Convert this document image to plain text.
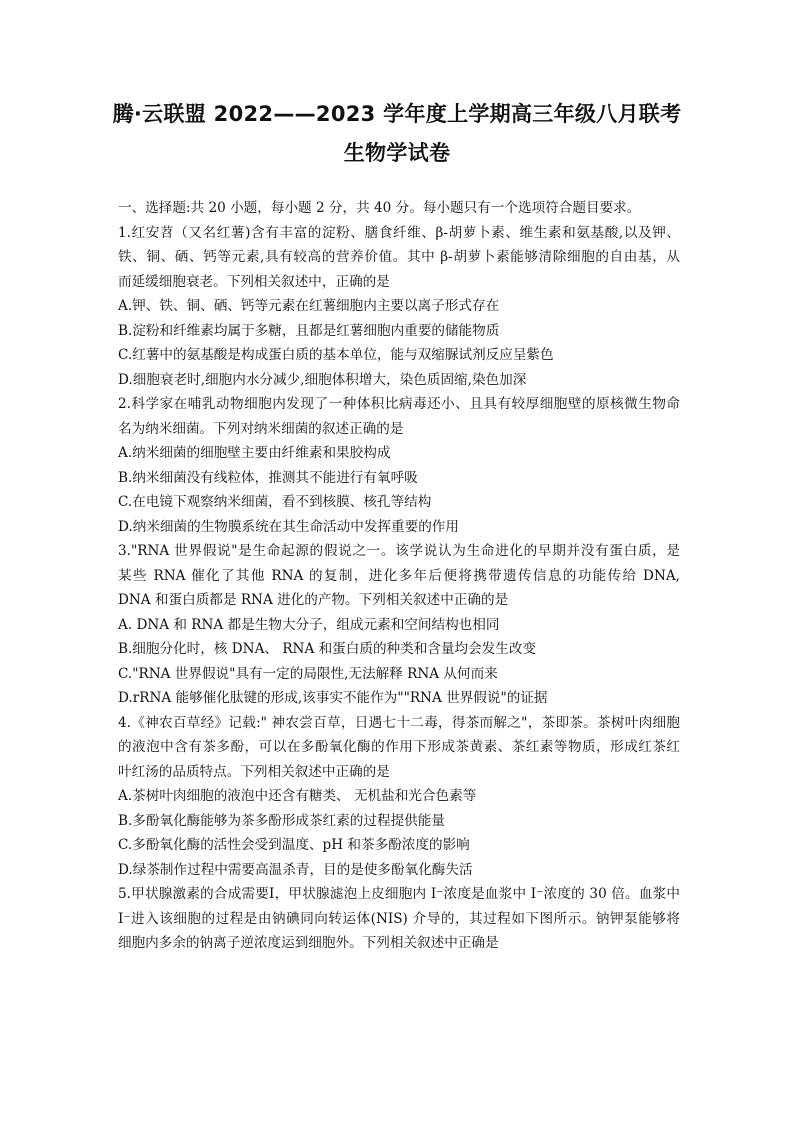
腾·云联盟 2022——2023 学年度上学期高三年级八月联考
生物学试卷
一、选择题:共 20 小题，每小题 2 分，共 40 分。每小题只有一个选项符合题目要求。
1.红安苕（又名红薯)含有丰富的淀粉、膳食纤维、β-胡萝卜素、维生素和氨基酸,以及钾、
铁、铜、硒、钙等元素,具有较高的营养价值。其中 β-胡萝卜素能够清除细胞的自由基，从
而延缓细胞衰老。下列相关叙述中，正确的是
A.钾、铁、铜、硒、钙等元素在红薯细胞内主要以离子形式存在
B.淀粉和纤维素均属于多糖，且都是红薯细胞内重要的储能物质
C.红薯中的氨基酸是构成蛋白质的基本单位，能与双缩脲试剂反应呈紫色
D.细胞衰老时,细胞内水分减少,细胞体积增大，染色质固缩,染色加深
2.科学家在哺乳动物细胞内发现了一种体积比病毒还小、且具有较厚细胞壁的原核微生物命
名为纳米细菌。下列对纳米细菌的叙述正确的是
A.纳米细菌的细胞壁主要由纤维素和果胶构成
B.纳米细菌没有线粒体，推测其不能进行有氧呼吸
C.在电镜下观察纳米细菌，看不到核膜、核孔等结构
D.纳米细菌的生物膜系统在其生命活动中发挥重要的作用
3."RNA 世界假说"是生命起源的假说之一。该学说认为生命进化的早期并没有蛋白质，是
某些 RNA 催化了其他 RNA 的复制，进化多年后便将携带遗传信息的功能传给 DNA,
DNA 和蛋白质都是 RNA 进化的产物。下列相关叙述中正确的是
A. DNA 和 RNA 都是生物大分子，组成元素和空间结构也相同
B.细胞分化时，核 DNA、 RNA 和蛋白质的种类和含量均会发生改变
C."RNA 世界假说"具有一定的局限性,无法解释 RNA 从何而来
D.rRNA 能够催化肽键的形成,该事实不能作为""RNA 世界假说"的证据
4.《神农百草经》记载:" 神农尝百草，日遇七十二毒，得茶而解之"，茶即茶。茶树叶肉细胞
的液泡中含有茶多酚，可以在多酚氧化酶的作用下形成茶黄素、茶红素等物质，形成红茶红
叶红汤的品质特点。下列相关叙述中正确的是
A.茶树叶肉细胞的液泡中还含有糖类、 无机盐和光合色素等
B.多酚氧化酶能够为茶多酚形成茶红素的过程提供能量
C.多酚氧化酶的活性会受到温度、pH 和茶多酚浓度的影响
D.绿茶制作过程中需要高温杀青，目的是使多酚氧化酶失活
5.甲状腺激素的合成需要I，甲状腺滤泡上皮细胞内 I⁻浓度是血浆中 I⁻浓度的 30 倍。血浆中
I⁻进入该细胞的过程是由钠碘同向转运体(NIS) 介导的，其过程如下图所示。钠钾泵能够将
细胞内多余的钠离子逆浓度运到细胞外。下列相关叙述中正确是
